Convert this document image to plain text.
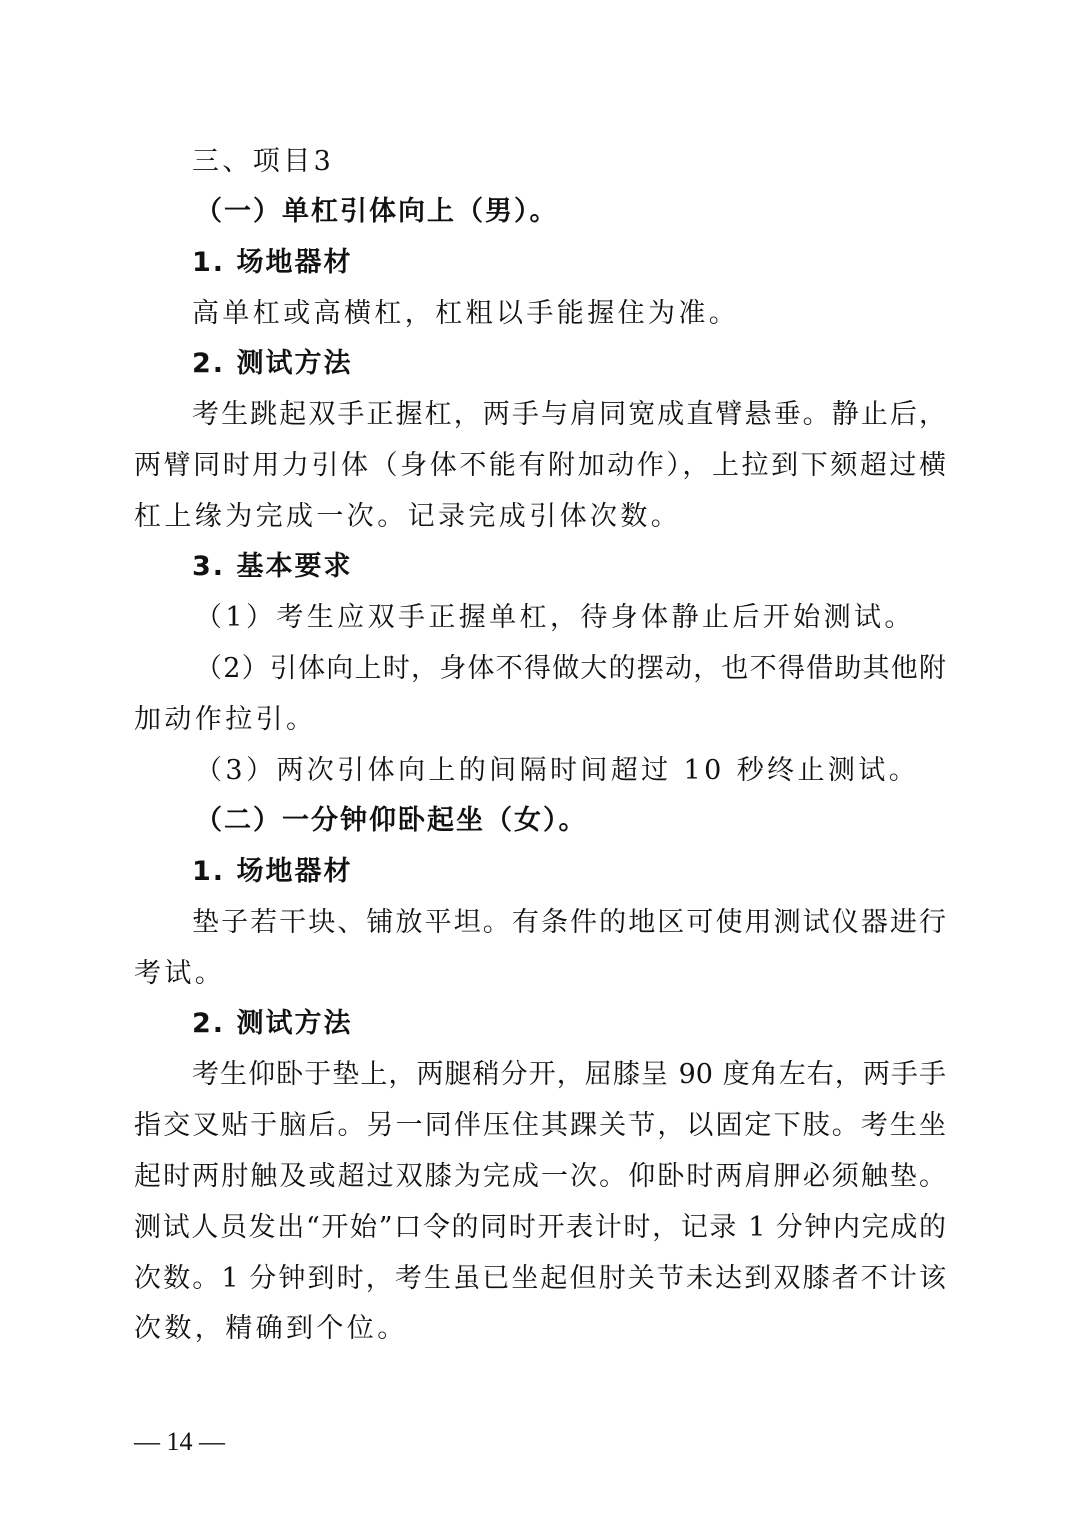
三、项目3
（一）单杠引体向上（男）。
1. 场地器材
高单杠或高横杠，杠粗以手能握住为准。
2. 测试方法
考生跳起双手正握杠，两手与肩同宽成直臂悬垂。静止后，
两臂同时用力引体（身体不能有附加动作），上拉到下颏超过横
杠上缘为完成一次。记录完成引体次数。
3. 基本要求
（1）考生应双手正握单杠，待身体静止后开始测试。
（2）引体向上时，身体不得做大的摆动，也不得借助其他附
加动作拉引。
（3）两次引体向上的间隔时间超过 10 秒终止测试。
（二）一分钟仰卧起坐（女）。
1. 场地器材
垫子若干块、铺放平坦。有条件的地区可使用测试仪器进行
考试。
2. 测试方法
考生仰卧于垫上，两腿稍分开，屈膝呈 90 度角左右，两手手
指交叉贴于脑后。另一同伴压住其踝关节，以固定下肢。考生坐
起时两肘触及或超过双膝为完成一次。仰卧时两肩胛必须触垫。
测试人员发出“开始”口令的同时开表计时，记录 1 分钟内完成的
次数。1 分钟到时，考生虽已坐起但肘关节未达到双膝者不计该
次数，精确到个位。
— 14 —
